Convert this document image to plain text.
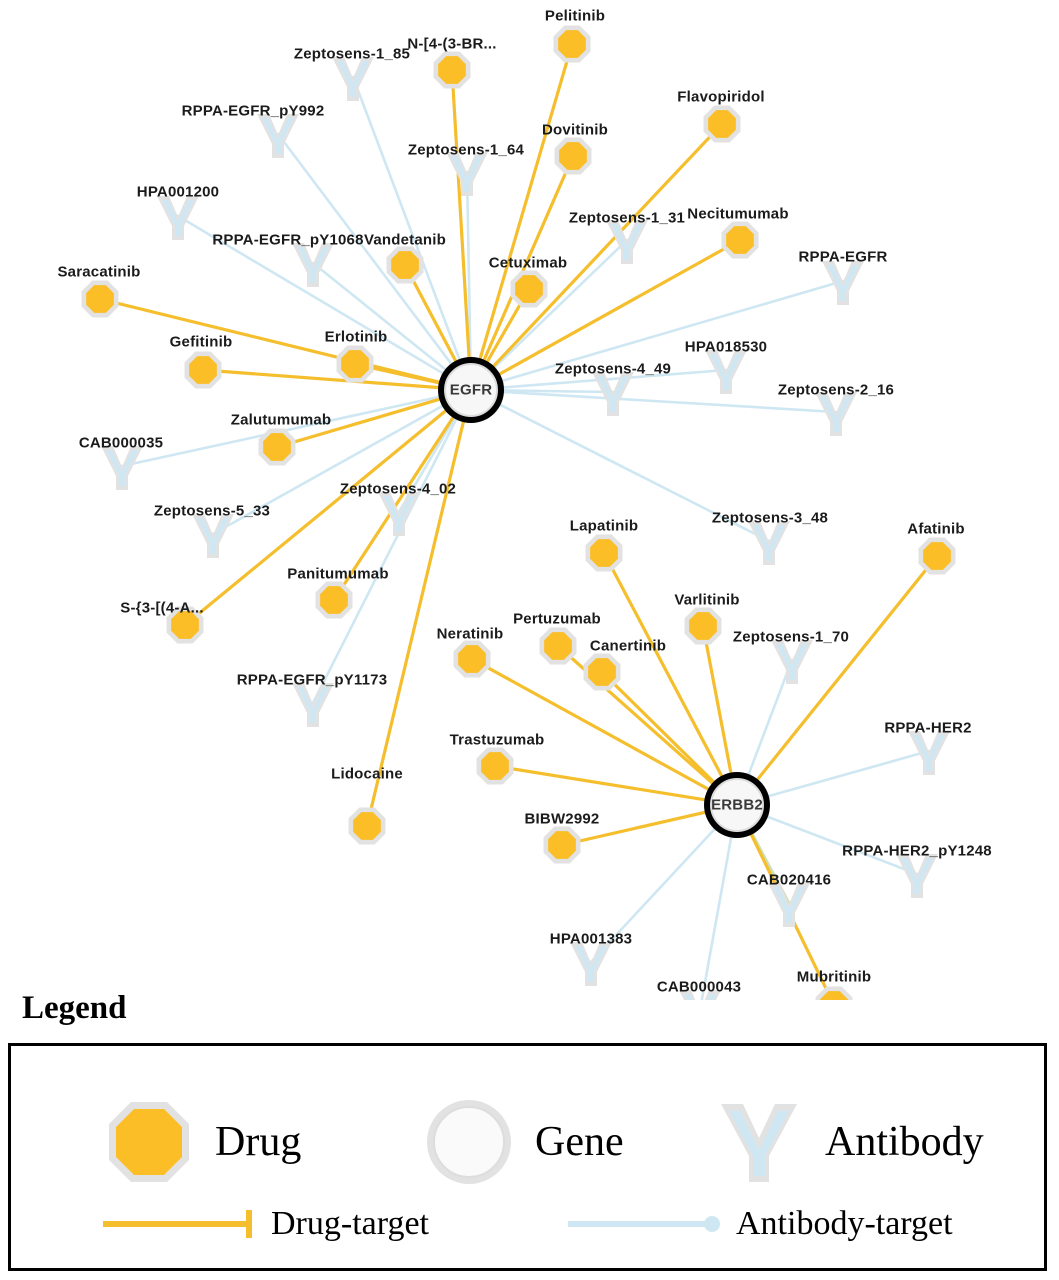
Zeptosens-1_85
RPPA-EGFR_pY992
Zeptosens-1_64
HPA001200
Zeptosens-1_31
RPPA-EGFR_pY1068
RPPA-EGFR
HPA018530
Zeptosens-4_49
Zeptosens-2_16
CAB000035
Zeptosens-4_02
Zeptosens-5_33	Zeptosens-3_48
Zeptosens-1_70
RPPA-EGFR_pY1173
RPPA-HER2
RPPA-HER2_pY1248
CAB020416
HPA001383
CAB000043
Pelitinib
N-[4-(3-BR...
Flavopiridol
Dovitinib
Necitumumab
Vandetanib
Cetuximab
Saracatinib
Erlotinib
Gefitinib
Zalutumumab
Afatinib
Lapatinib
Varlitinib
Panitumumab
S-{3-[(4-A...
Pertuzumab
Neratinib
Canertinib
Trastuzumab
Lidocaine
BIBW2992
Mubritinib
EGFR
ERBB2
Legend
Drug	Gene	Antibody
Drug-target	Antibody-target
